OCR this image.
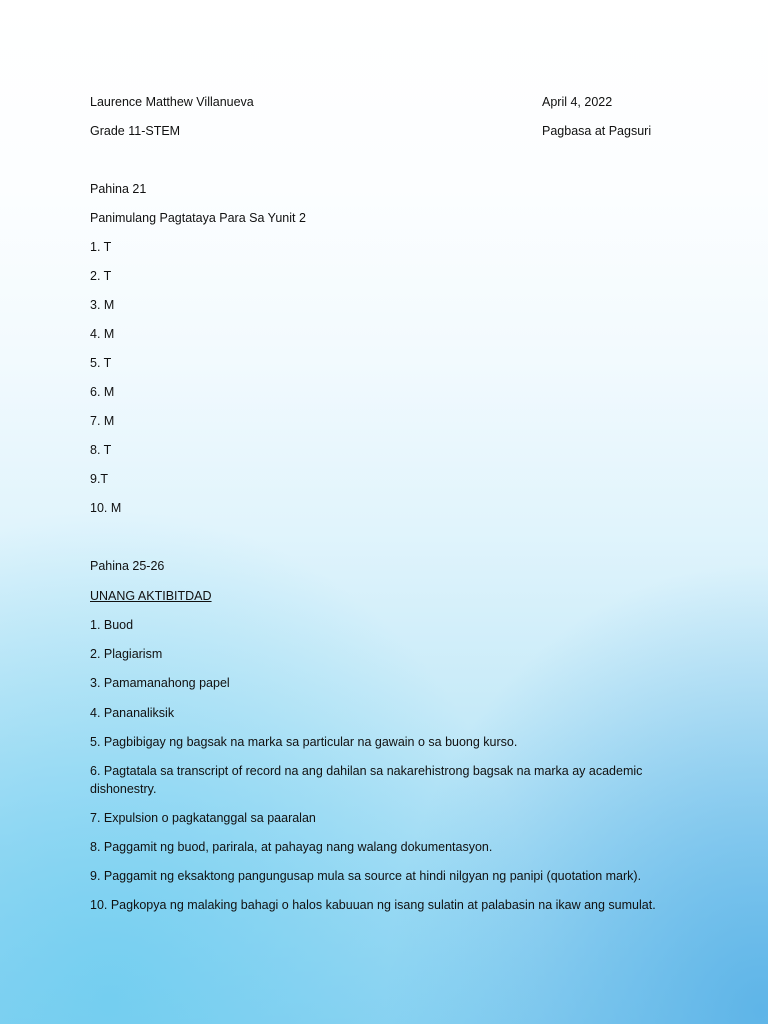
Laurence Matthew Villanueva	April 4, 2022
Grade 11-STEM	Pagbasa at Pagsuri
Pahina 21
Panimulang Pagtataya Para Sa Yunit 2
1. T
2. T
3. M
4. M
5. T
6. M
7. M
8. T
9.T
10. M
Pahina 25-26
UNANG AKTIBITDAD
1. Buod
2. Plagiarism
3. Pamamanahong papel
4. Pananaliksik
5. Pagbibigay ng bagsak na marka sa particular na gawain o sa buong kurso.
6. Pagtatala sa transcript of record na ang dahilan sa nakarehistrong bagsak na marka ay academic dishonestry.
7. Expulsion o pagkatanggal sa paaralan
8. Paggamit ng buod, parirala, at pahayag nang walang dokumentasyon.
9. Paggamit ng eksaktong pangungusap mula sa source at hindi nilgyan ng panipi (quotation mark).
10. Pagkopya ng malaking bahagi o halos kabuuan ng isang sulatin at palabasin na ikaw ang sumulat.
